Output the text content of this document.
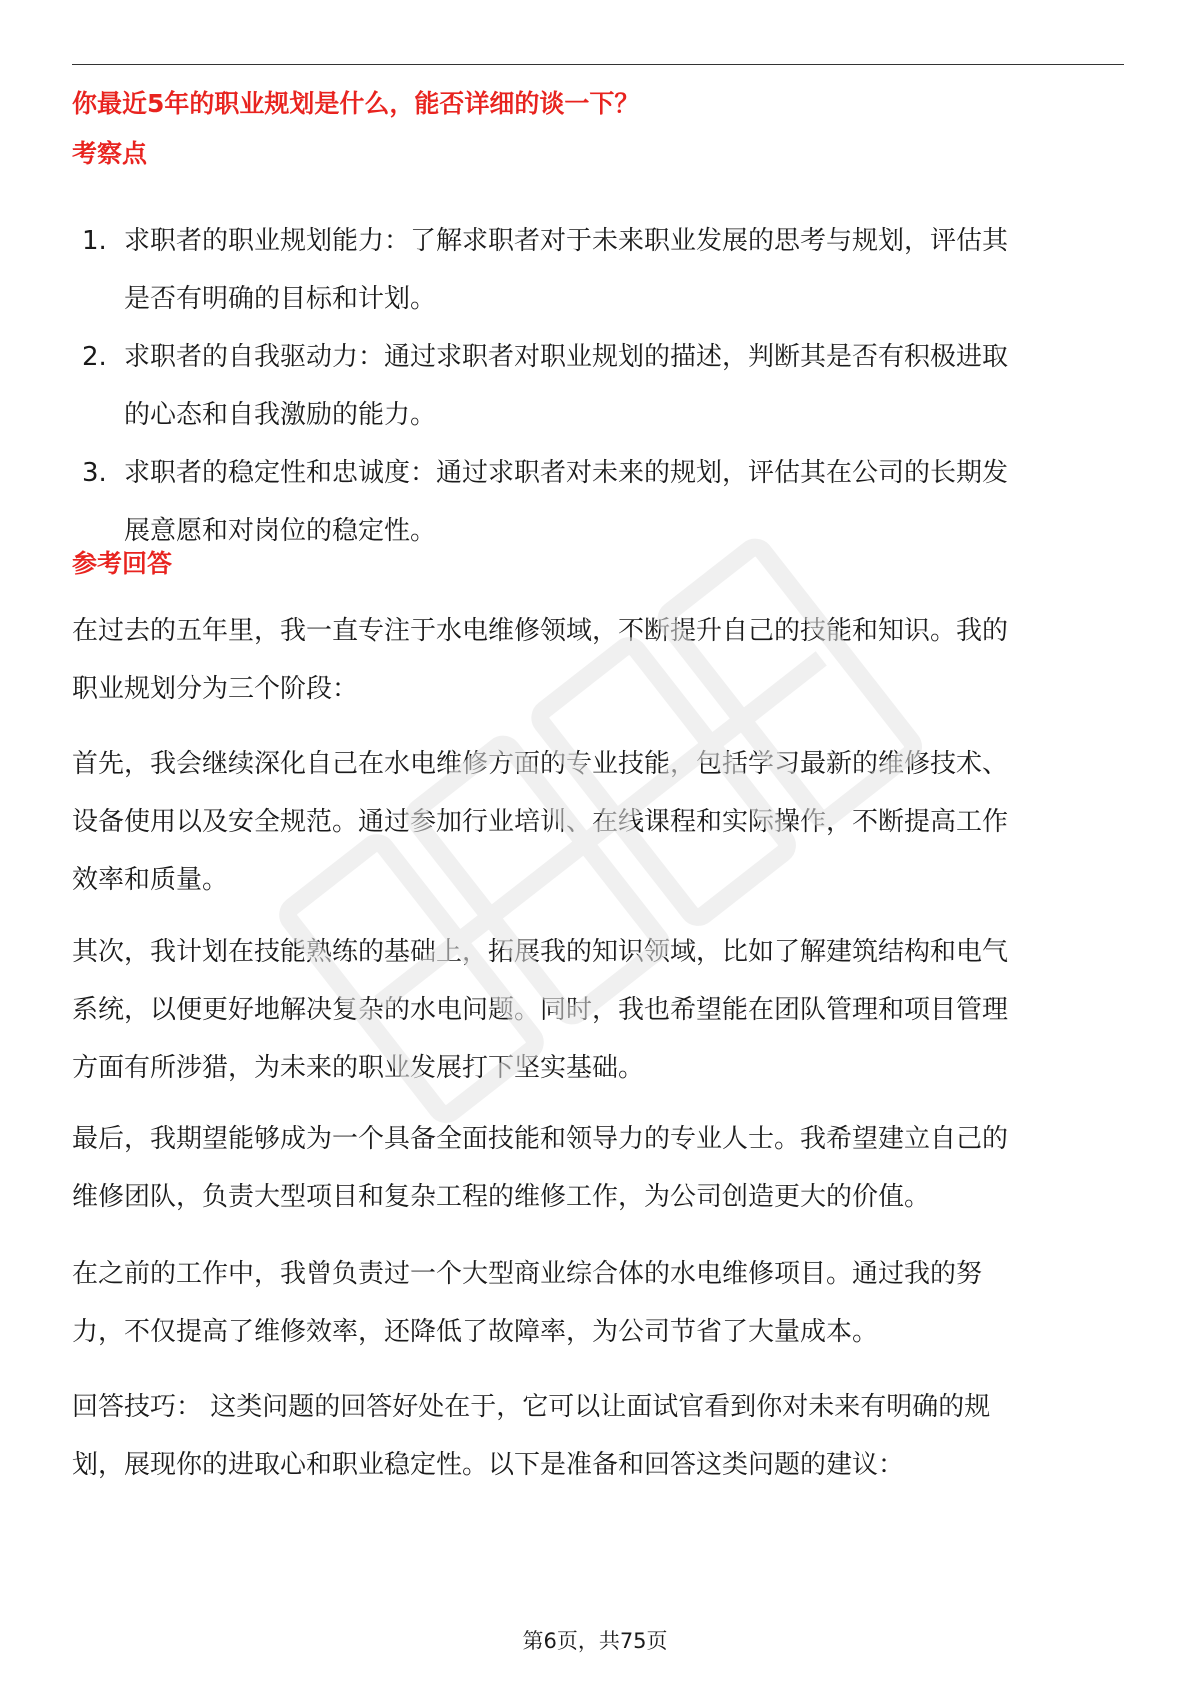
你最近5年的职业规划是什么，能否详细的谈一下？
考察点
1. 求职者的职业规划能力：了解求职者对于未来职业发展的思考与规划，评估其
是否有明确的目标和计划。
2. 求职者的自我驱动力：通过求职者对职业规划的描述，判断其是否有积极进取
的心态和自我激励的能力。
3. 求职者的稳定性和忠诚度：通过求职者对未来的规划，评估其在公司的长期发
展意愿和对岗位的稳定性。
参考回答
在过去的五年里，我一直专注于水电维修领域，不断提升自己的技能和知识。我的
职业规划分为三个阶段：
首先，我会继续深化自己在水电维修方面的专业技能，包括学习最新的维修技术、
设备使用以及安全规范。通过参加行业培训、在线课程和实际操作，不断提高工作
效率和质量。
其次，我计划在技能熟练的基础上，拓展我的知识领域，比如了解建筑结构和电气
系统，以便更好地解决复杂的水电问题。同时，我也希望能在团队管理和项目管理
方面有所涉猎，为未来的职业发展打下坚实基础。
最后，我期望能够成为一个具备全面技能和领导力的专业人士。我希望建立自己的
维修团队，负责大型项目和复杂工程的维修工作，为公司创造更大的价值。
在之前的工作中，我曾负责过一个大型商业综合体的水电维修项目。通过我的努
力，不仅提高了维修效率，还降低了故障率，为公司节省了大量成本。
回答技巧： 这类问题的回答好处在于，它可以让面试官看到你对未来有明确的规
划，展现你的进取心和职业稳定性。以下是准备和回答这类问题的建议：
第6页，共75页
